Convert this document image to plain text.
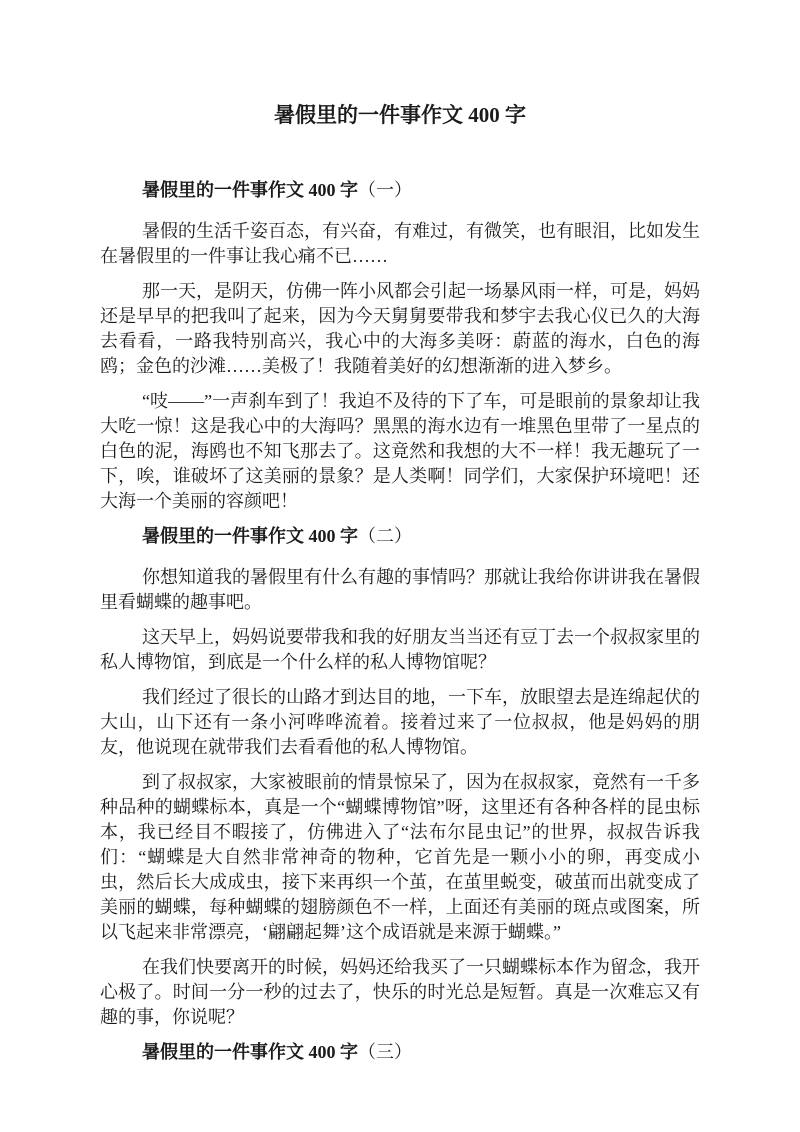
暑假里的一件事作文 400 字
暑假里的一件事作文 400 字（一）

暑假的生活千姿百态，有兴奋，有难过，有微笑，也有眼泪，比如发生在暑假里的一件事让我心痛不已……

那一天，是阴天，仿佛一阵小风都会引起一场暴风雨一样，可是，妈妈还是早早的把我叫了起来，因为今天舅舅要带我和梦宇去我心仪已久的大海去看看，一路我特别高兴，我心中的大海多美呀：蔚蓝的海水，白色的海鸥；金色的沙滩……美极了！我随着美好的幻想渐渐的进入梦乡。

“吱——”一声刹车到了！我迫不及待的下了车，可是眼前的景象却让我大吃一惊！这是我心中的大海吗？黑黑的海水边有一堆黑色里带了一星点的白色的泥，海鸥也不知飞那去了。这竟然和我想的大不一样！我无趣玩了一下，唉，谁破坏了这美丽的景象？是人类啊！同学们，大家保护环境吧！还大海一个美丽的容颜吧！

暑假里的一件事作文 400 字（二）

你想知道我的暑假里有什么有趣的事情吗？那就让我给你讲讲我在暑假里看蝴蝶的趣事吧。

这天早上，妈妈说要带我和我的好朋友当当还有豆丁去一个叔叔家里的私人博物馆，到底是一个什么样的私人博物馆呢？

我们经过了很长的山路才到达目的地，一下车，放眼望去是连绵起伏的大山，山下还有一条小河哗哗流着。接着过来了一位叔叔，他是妈妈的朋友，他说现在就带我们去看看他的私人博物馆。

到了叔叔家，大家被眼前的情景惊呆了，因为在叔叔家，竟然有一千多种品种的蝴蝶标本，真是一个“蝴蝶博物馆”呀，这里还有各种各样的昆虫标本，我已经目不暇接了，仿佛进入了“法布尔昆虫记”的世界，叔叔告诉我们：“蝴蝶是大自然非常神奇的物种，它首先是一颗小小的卵，再变成小虫，然后长大成成虫，接下来再织一个茧，在茧里蜕变，破茧而出就变成了美丽的蝴蝶，每种蝴蝶的翅膀颜色不一样，上面还有美丽的斑点或图案，所以飞起来非常漂亮，‘翩翩起舞’这个成语就是来源于蝴蝶。”

在我们快要离开的时候，妈妈还给我买了一只蝴蝶标本作为留念，我开心极了。时间一分一秒的过去了，快乐的时光总是短暂。真是一次难忘又有趣的事，你说呢？

暑假里的一件事作文 400 字（三）
